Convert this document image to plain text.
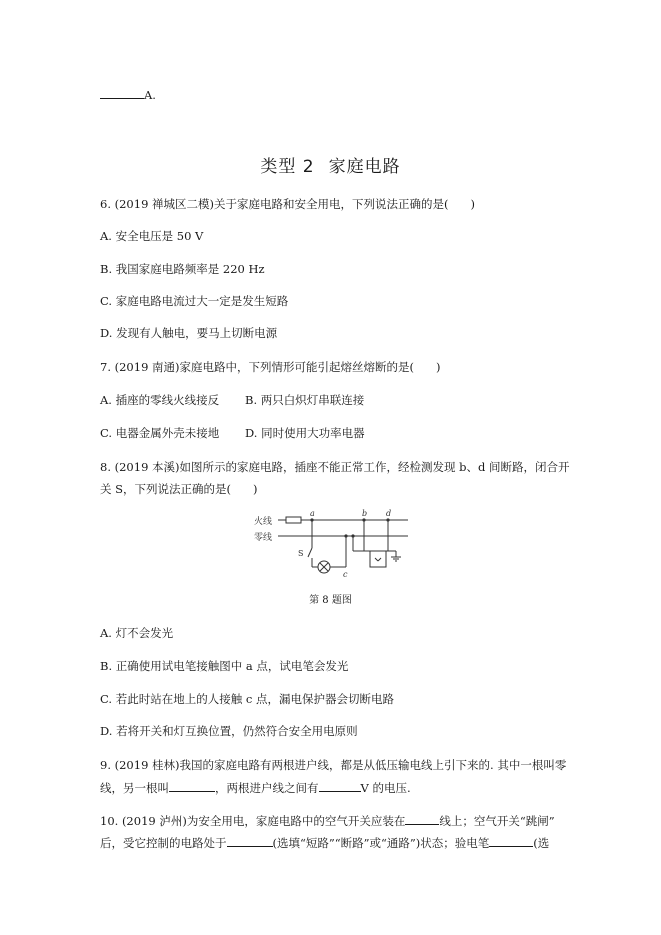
A.
类型 2 家庭电路
6. (2019 禅城区二模)关于家庭电路和安全用电，下列说法正确的是( )
A. 安全电压是 50 V
B. 我国家庭电路频率是 220 Hz
C. 家庭电路电流过大一定是发生短路
D. 发现有人触电，要马上切断电源
7. (2019 南通)家庭电路中，下列情形可能引起熔丝熔断的是( )
A. 插座的零线火线接反 B. 两只白炽灯串联连接
C. 电器金属外壳未接地 D. 同时使用大功率电器
8. (2019 本溪)如图所示的家庭电路，插座不能正常工作，经检测发现 b、d 间断路，闭合开
关 S，下列说法正确的是( )
火线
零线
a	b d
c
S
第 8 题图
A. 灯不会发光
B. 正确使用试电笔接触图中 a 点，试电笔会发光
C. 若此时站在地上的人接触 c 点，漏电保护器会切断电路
D. 若将开关和灯互换位置，仍然符合安全用电原则
9. (2019 桂林)我国的家庭电路有两根进户线，都是从低压输电线上引下来的. 其中一根叫零
线，另一根叫	，两根进户线之间有	V 的电压.
10. (2019 泸州)为安全用电，家庭电路中的空气开关应装在	线上；空气开关“跳闸”
后，受它控制的电路处于	(选填“短路”“断路”或“通路”)状态；验电笔	(选
